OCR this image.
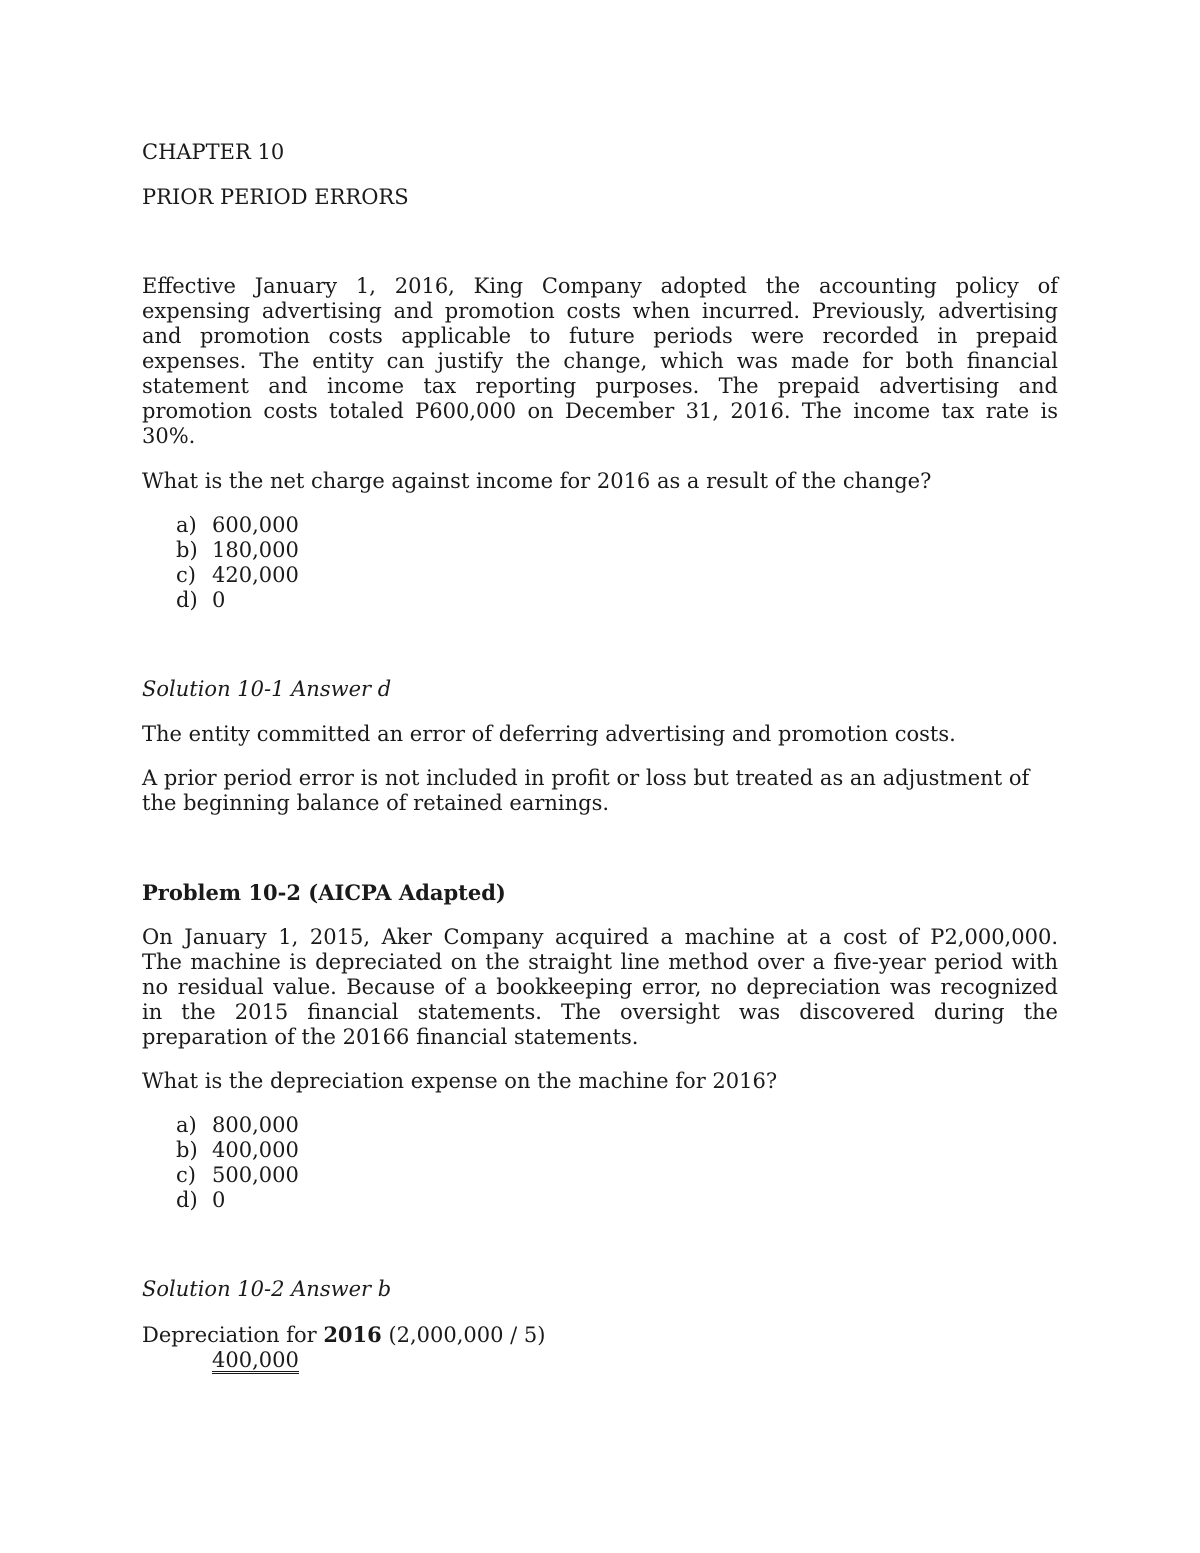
CHAPTER 10
PRIOR PERIOD ERRORS
Effective January 1, 2016, King Company adopted the accounting policy of
expensing advertising and promotion costs when incurred. Previously, advertising
and promotion costs applicable to future periods were recorded in prepaid
expenses. The entity can justify the change, which was made for both financial
statement and income tax reporting purposes. The prepaid advertising and
promotion costs totaled P600,000 on December 31, 2016. The income tax rate is
30%.
What is the net charge against income for 2016 as a result of the change?
a) 600,000
b) 180,000
c) 420,000
d) 0
Solution 10-1 Answer d
The entity committed an error of deferring advertising and promotion costs.
A prior period error is not included in profit or loss but treated as an adjustment of
the beginning balance of retained earnings.
Problem 10-2 (AICPA Adapted)
On January 1, 2015, Aker Company acquired a machine at a cost of P2,000,000.
The machine is depreciated on the straight line method over a five-year period with
no residual value. Because of a bookkeeping error, no depreciation was recognized
in the 2015 financial statements. The oversight was discovered during the
preparation of the 20166 financial statements.
What is the depreciation expense on the machine for 2016?
a) 800,000
b) 400,000
c) 500,000
d) 0
Solution 10-2 Answer b
Depreciation for 2016 (2,000,000 / 5)
400,000
